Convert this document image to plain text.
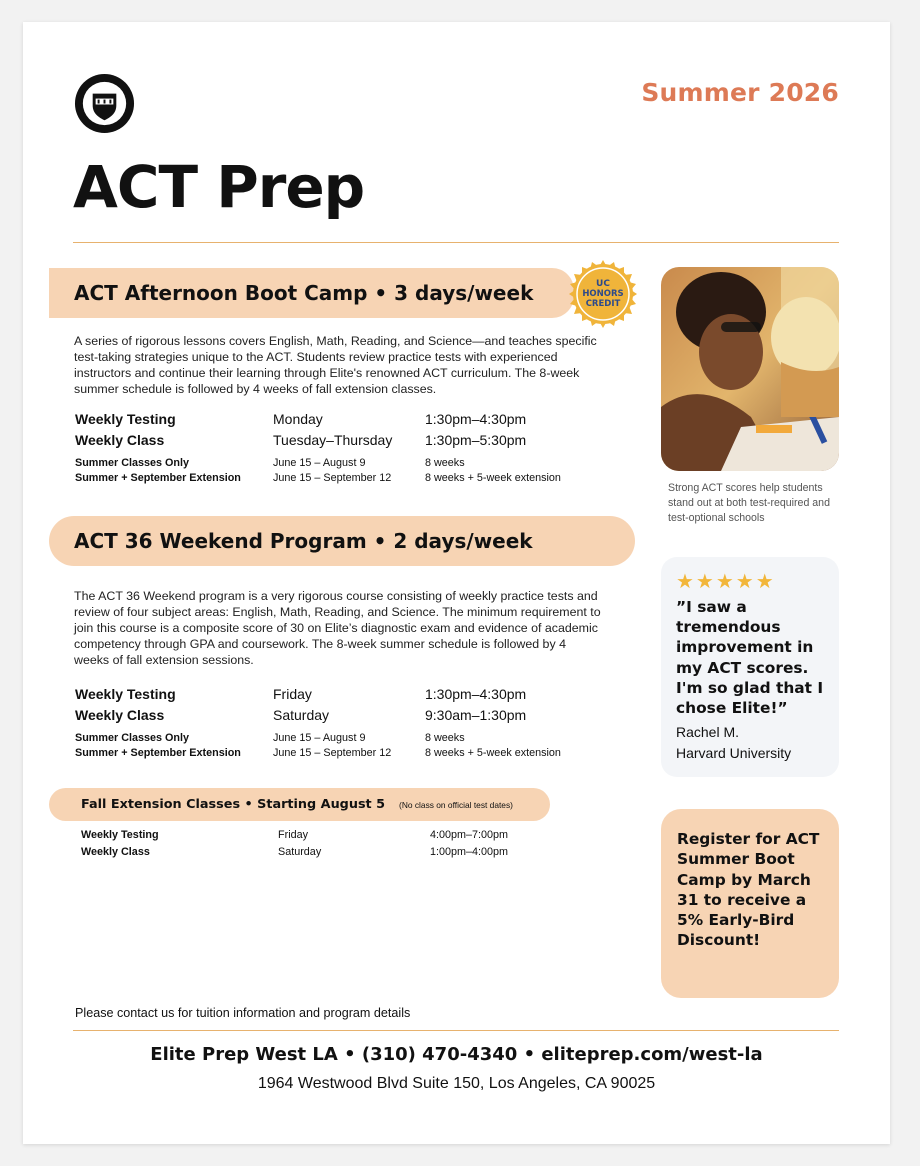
Summer 2026
ACT Prep
ACT Afternoon Boot Camp • 3 days/week	UC
HONORS
CREDIT
A series of rigorous lessons covers English, Math, Reading, and Science—and teaches specific test-taking strategies unique to the ACT. Students review practice tests with experienced instructors and continue their learning through Elite's renowned ACT curriculum. The 8-week summer schedule is followed by 4 weeks of fall extension classes.
Weekly Testing	Monday	1:30pm–4:30pm
Weekly Class	Tuesday–Thursday	1:30pm–5:30pm
Summer Classes Only	June 15 – August 9	8 weeks
Summer + September Extension	June 15 – September 12	8 weeks + 5-week extension
ACT 36 Weekend Program • 2 days/week
The ACT 36 Weekend program is a very rigorous course consisting of weekly practice tests and review of four subject areas: English, Math, Reading, and Science. The minimum requirement to join this course is a composite score of 30 on Elite’s diagnostic exam and evidence of academic competency through GPA and coursework. The 8-week summer schedule is followed by 4 weeks of fall extension sessions.
Weekly Testing	Friday	1:30pm–4:30pm
Weekly Class	Saturday	9:30am–1:30pm
Summer Classes Only	June 15 – August 9	8 weeks
Summer + September Extension	June 15 – September 12	8 weeks + 5-week extension
Fall Extension Classes • Starting August 5 (No class on official test dates)
Weekly Testing	Friday	4:00pm–7:00pm
Weekly Class	Saturday	1:00pm–4:00pm
Strong ACT scores help students stand out at both test-required and test-optional schools
★★★★★
”I saw a tremendous improvement in my ACT scores. I'm so glad that I chose Elite!”
Rachel M.
Harvard University
Register for ACT Summer Boot Camp by March 31 to receive a 5% Early-Bird Discount!
Please contact us for tuition information and program details
Elite Prep West LA • (310) 470-4340 • eliteprep.com/west-la
1964 Westwood Blvd Suite 150, Los Angeles, CA 90025
